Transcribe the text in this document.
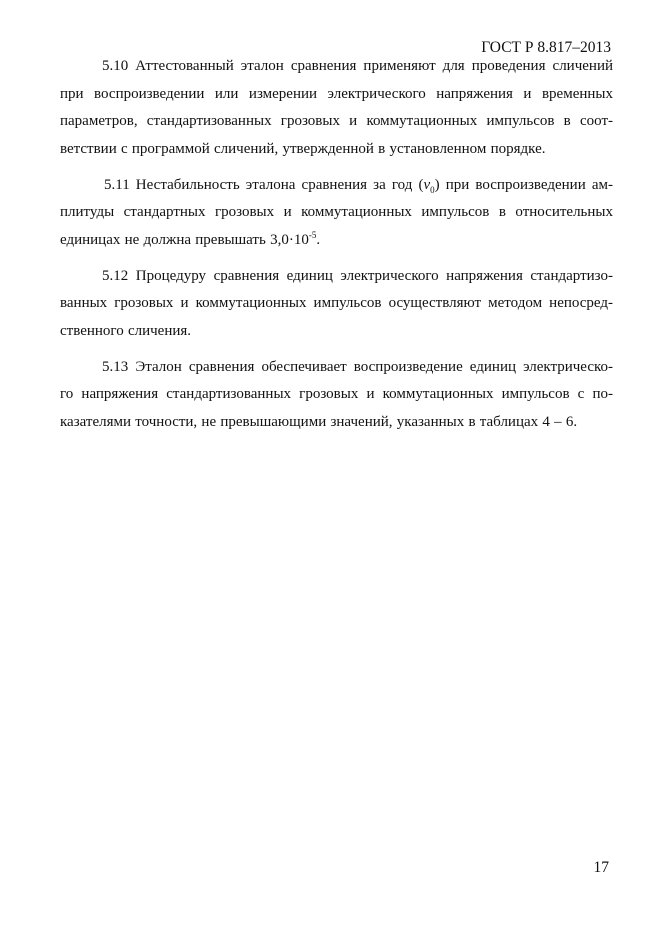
ГОСТ Р 8.817–2013

5.10 Аттестованный эталон сравнения применяют для проведения сличений
при воспроизведении или измерении электрического напряжения и временных
параметров, стандартизованных грозовых и коммутационных импульсов в соот-
ветствии с программой сличений, утвержденной в установленном порядке.

5.11 Нестабильность эталона сравнения за год $(\nu_0)$ при воспроизведении ам-
плитуды стандартных грозовых и коммутационных импульсов в относительных
единицах не должна превышать $3,0\cdot 10^{-5}$.

5.12 Процедуру сравнения единиц электрического напряжения стандартизо-
ванных грозовых и коммутационных импульсов осуществляют методом непосред-
ственного сличения.

5.13 Эталон сравнения обеспечивает воспроизведение единиц электрическо-
го напряжения стандартизованных грозовых и коммутационных импульсов с по-
казателями точности, не превышающими значений, указанных в таблицах 4 – 6.

17
